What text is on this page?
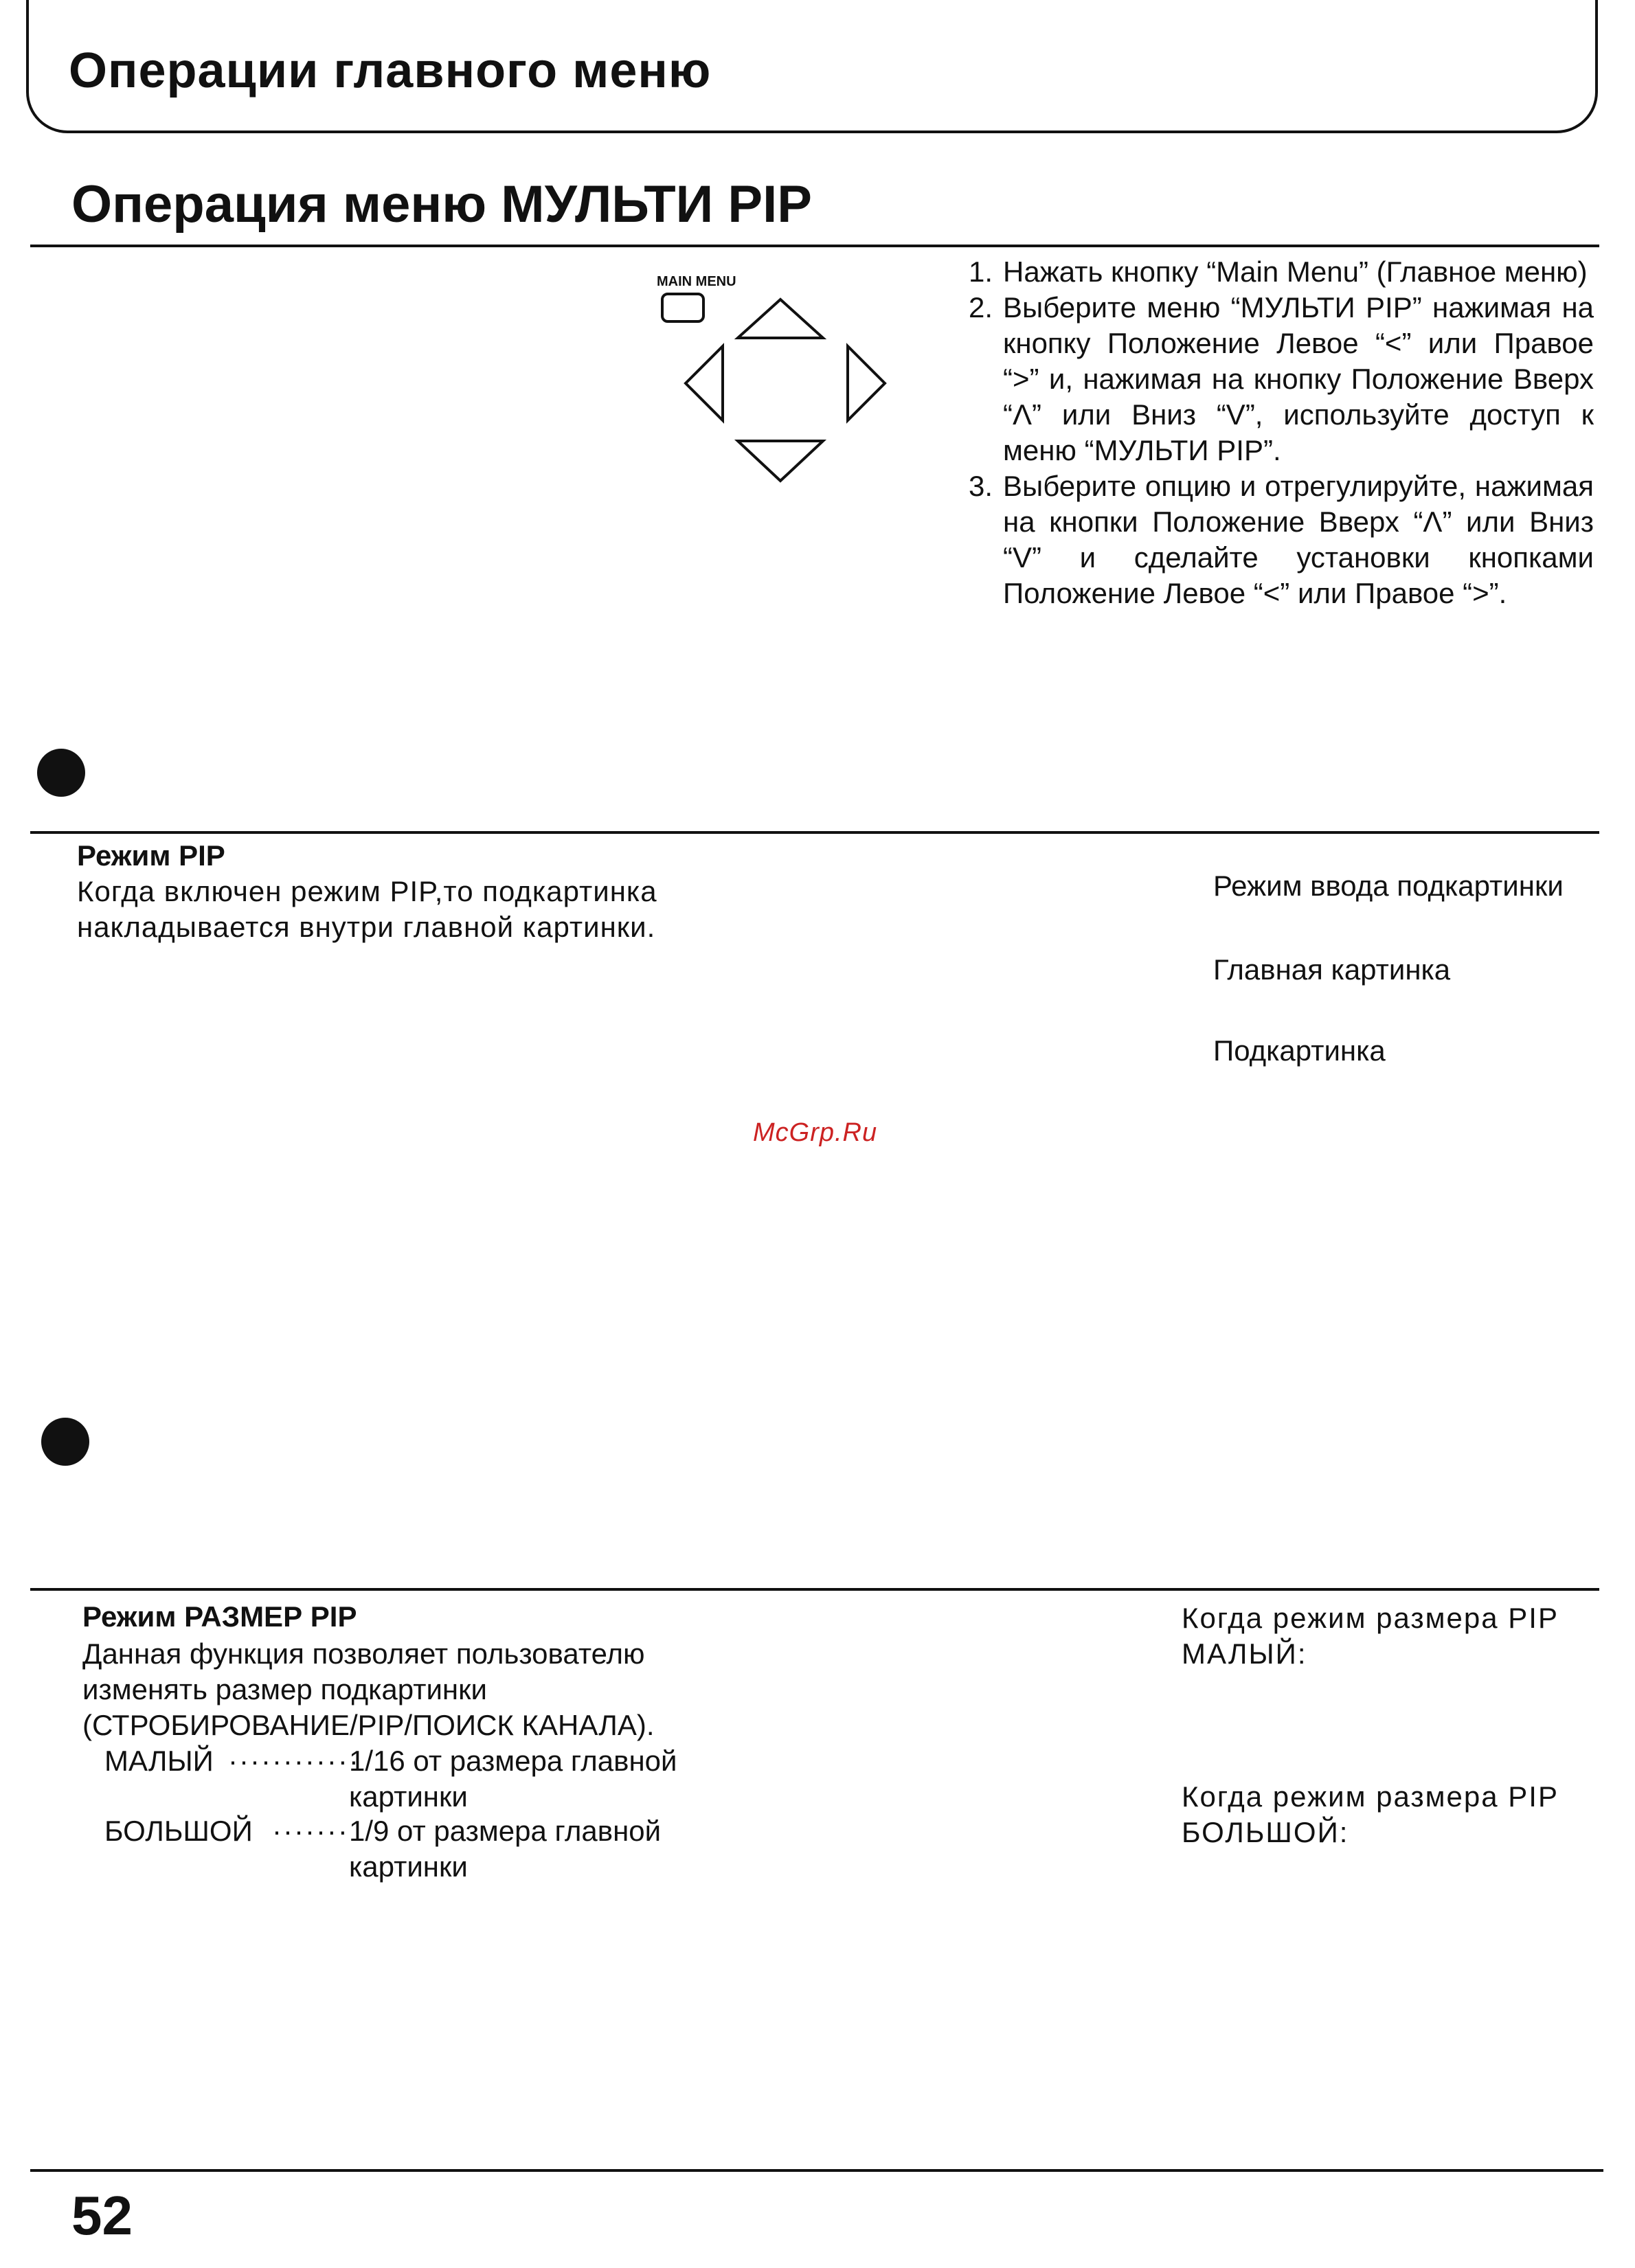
Операции главного меню
Операция меню МУЛЬТИ PIP
MAIN MENU	1. Нажать кнопку “Main Menu” (Главное меню)
2. Выберите меню “МУЛЬТИ PIP” нажимая на кнопку Положение Левое “<” или Правое “>” и, нажимая на кнопку Положение Вверх “Λ” или Вниз “V”, используйте доступ к меню “МУЛЬТИ PIP”.
3. Выберите опцию и отрегулируйте, нажимая на кнопки Положение Вверх “Λ” или Вниз “V” и сделайте установки кнопками Положение Левое “<” или Правое “>”.
Режим PIP
Когда включен режим PIP,то подкартинка
накладывается внутри главной картинки.
Режим ввода подкартинки
Главная картинка
Подкартинка
McGrp.Ru
Режим РАЗМЕР PIP
Данная функция позволяет пользователю
изменять размер подкартинки
(СТРОБИРОВАНИЕ/PIP/ПОИСК КАНАЛА).
МАЛЫЙ ············
1/16 от размера главной
картинки
БОЛЬШОЙ ······· 1/9 от размера главной
картинки
Когда режим размера PIP
МАЛЫЙ:
Когда режим размера PIP
БОЛЬШОЙ:
52
